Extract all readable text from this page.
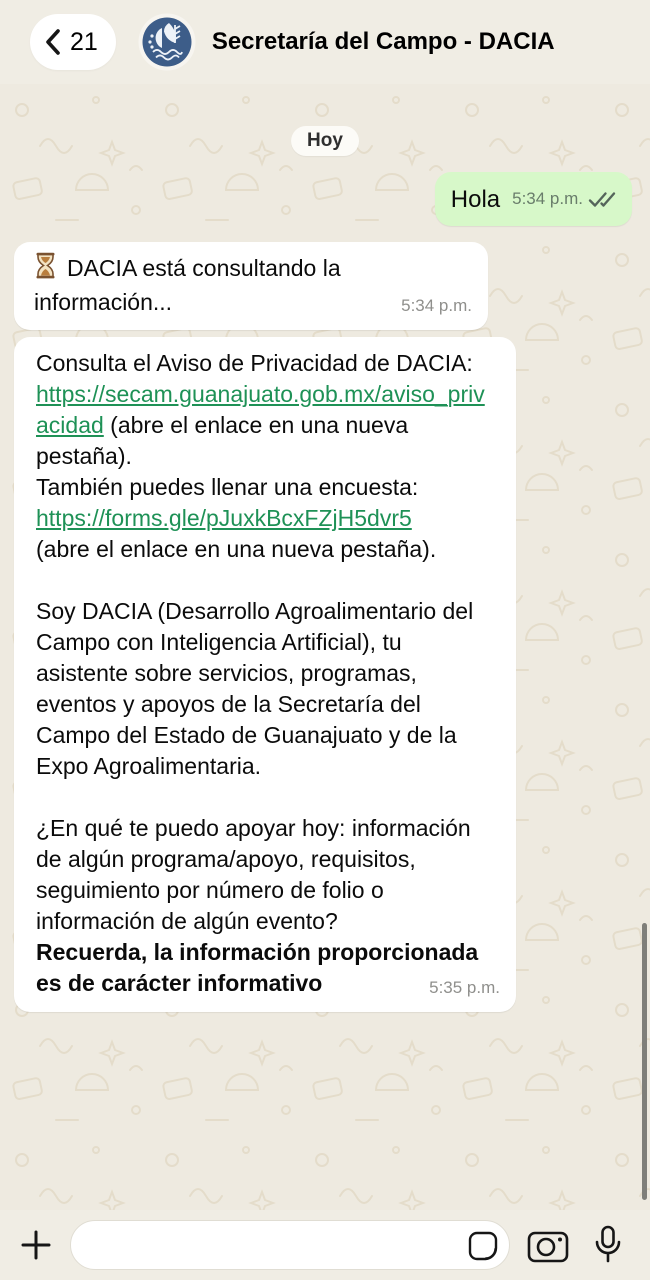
21	Secretaría del Campo - DACIA
Hoy
Hola 5:34 p.m.
DACIA está consultando la información...	5:34 p.m.
Consulta el Aviso de Privacidad de DACIA: https://secam.guanajuato.gob.mx/aviso_privacidad (abre el enlace en una nueva pestaña).
También puedes llenar una encuesta:
https://forms.gle/pJuxkBcxFZjH5dvr5
(abre el enlace en una nueva pestaña).

Soy DACIA (Desarrollo Agroalimentario del Campo con Inteligencia Artificial), tu asistente sobre servicios, programas, eventos y apoyos de la Secretaría del Campo del Estado de Guanajuato y de la Expo Agroalimentaria.

¿En qué te puedo apoyar hoy: información de algún programa/apoyo, requisitos, seguimiento por número de folio o información de algún evento?
Recuerda, la información proporcionada es de carácter informativo	5:35 p.m.
